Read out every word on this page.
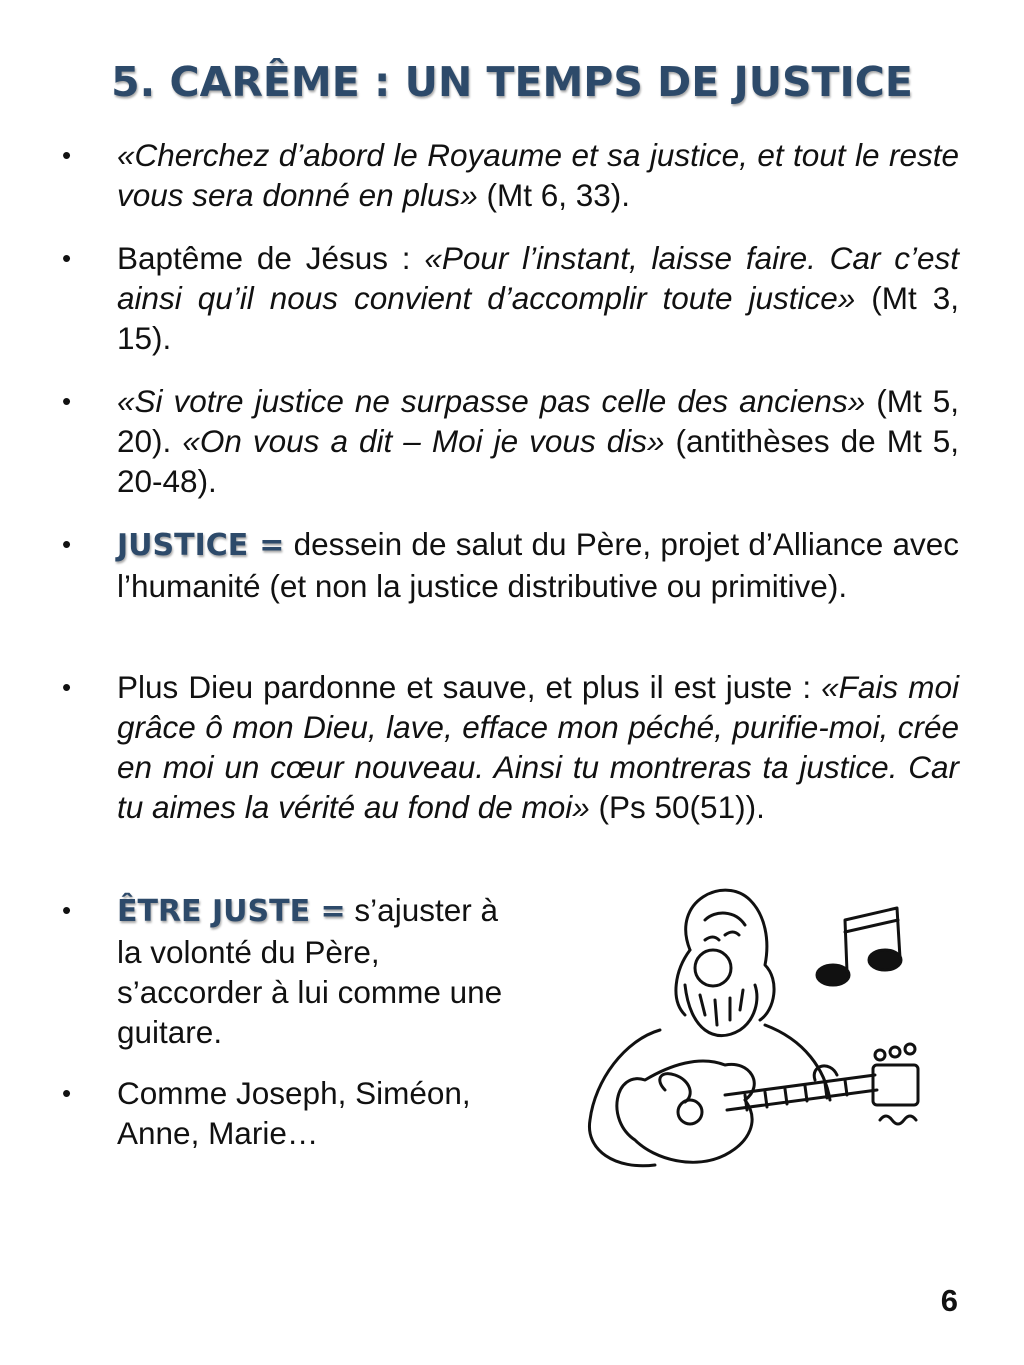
5. CARÊME : UN TEMPS DE JUSTICE
•	«Cherchez d’abord le Royaume et sa justice, et tout le reste vous sera donné en plus» (Mt 6, 33).
•	Baptême de Jésus : «Pour l’instant, laisse faire. Car c’est ainsi qu’il nous convient d’accomplir toute justice» (Mt 3, 15).
•	«Si votre justice ne surpasse pas celle des anciens» (Mt 5, 20). «On vous a dit – Moi je vous dis» (antithèses de Mt 5, 20-48).
•	JUSTICE = dessein de salut du Père, projet d’Alliance avec l’humanité (et non la justice distributive ou primitive).
•	Plus Dieu pardonne et sauve, et plus il est juste : «Fais moi grâce ô mon Dieu, lave, efface mon péché, purifie-moi, crée en moi un cœur nouveau. Ainsi tu montreras ta justice. Car tu aimes la vérité au fond de moi» (Ps 50(51)).
•	ÊTRE JUSTE = s’ajuster à la volonté du Père, s’accorder à lui comme une guitare.
•	Comme Joseph, Siméon, Anne, Marie…
6
